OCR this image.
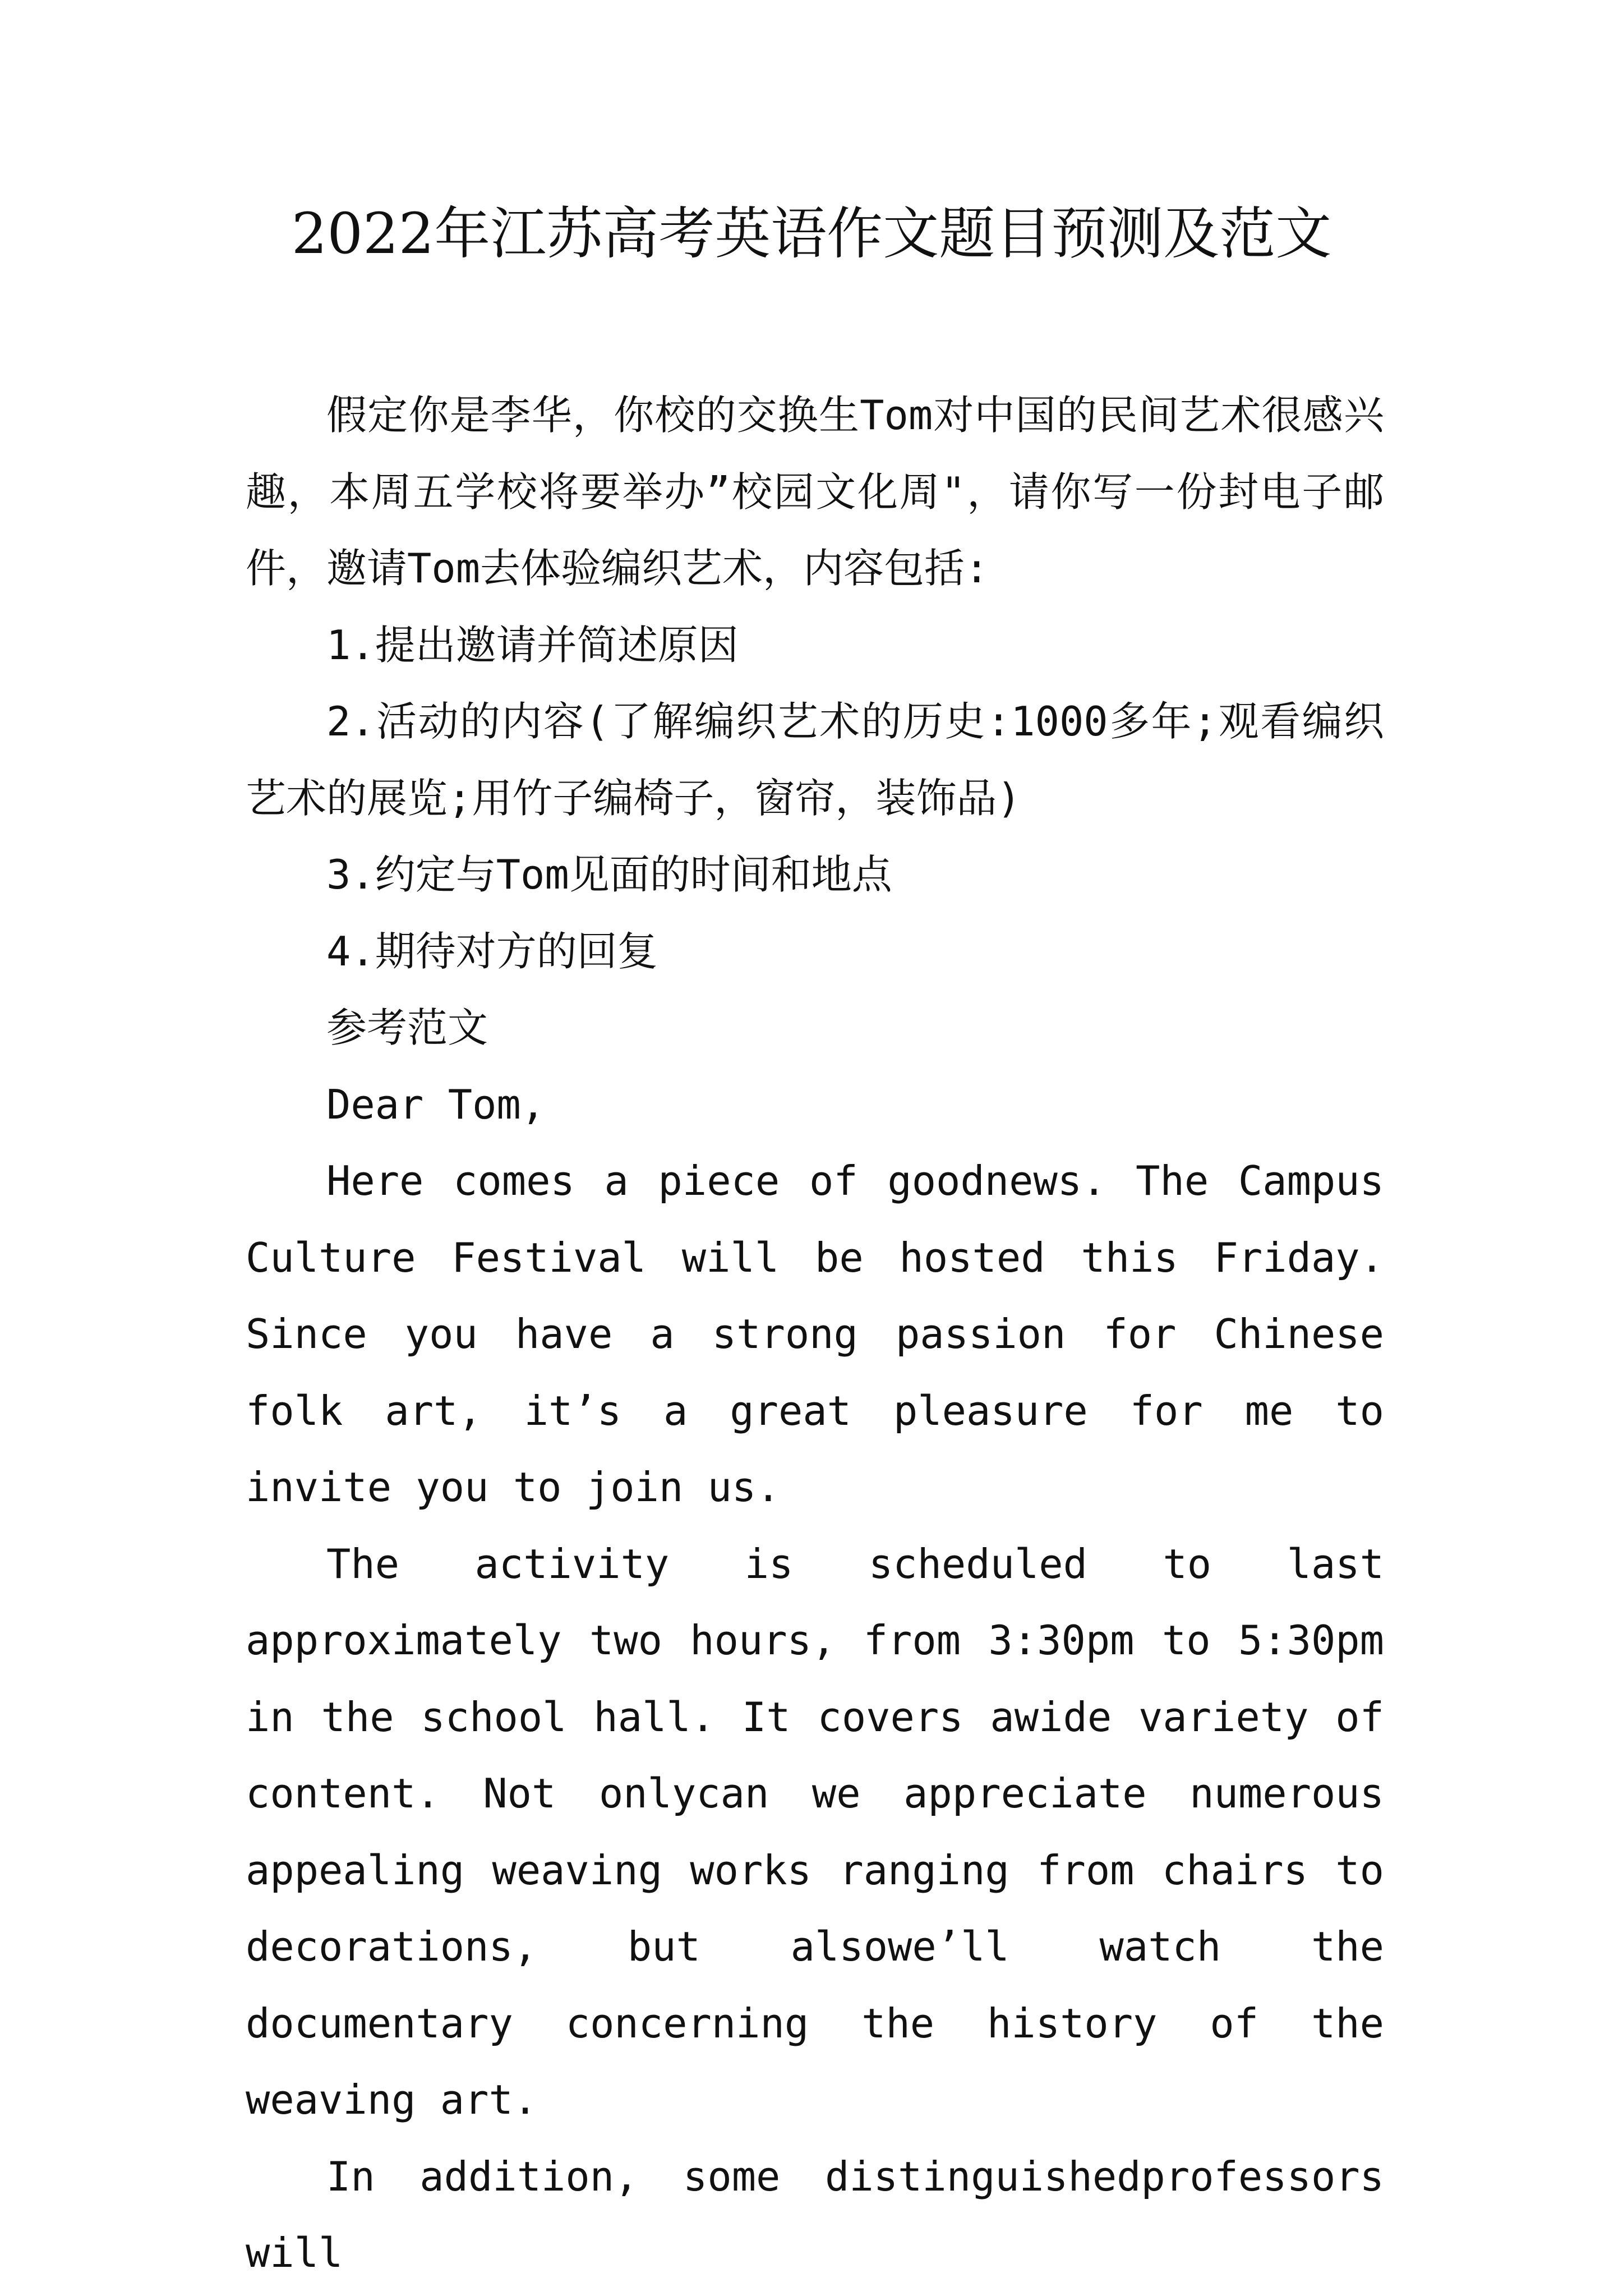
2022年江苏高考英语作文题目预测及范文

假定你是李华，你校的交换生Tom对中国的民间艺术很感兴趣，本周五学校将要举办”校园文化周"，请你写一份封电子邮件，邀请Tom去体验编织艺术，内容包括:

1.提出邀请并简述原因

2.活动的内容(了解编织艺术的历史:1000多年;观看编织艺术的展览;用竹子编椅子，窗帘，装饰品)

3.约定与Tom见面的时间和地点

4.期待对方的回复

参考范文

Dear Tom,

Here comes a piece of goodnews. The Campus Culture Festival will be hosted this Friday. Since you have a strong passion for Chinese folk art, it’s a great pleasure for me to invite you to join us.

The activity is scheduled to last approximately two hours, from 3:30pm to 5:30pm in the school hall. It covers awide variety of content. Not onlycan we appreciate numerous appealing weaving works ranging from chairs to decorations, but alsowe’ll watch the documentary concerning the history of the weaving art.

In addition, some distinguishedprofessors will
